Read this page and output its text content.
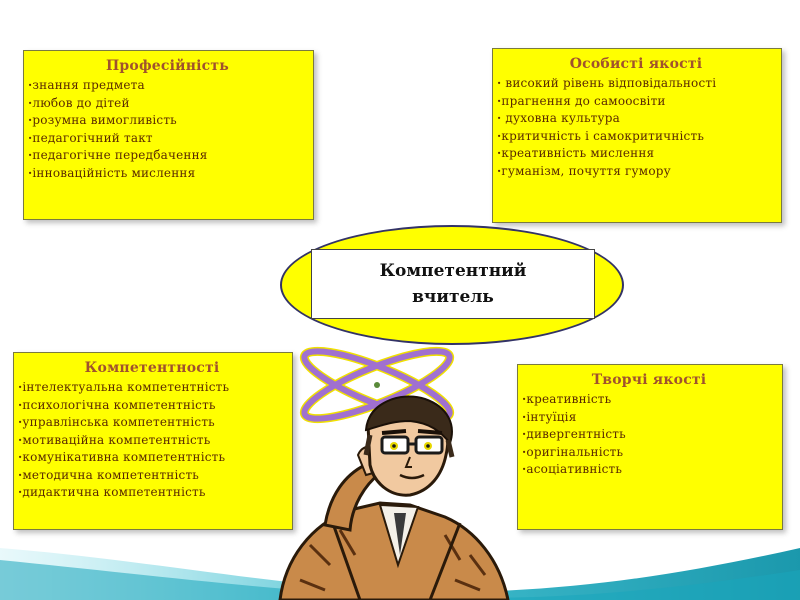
Професійність
·знання предмета
·любов до дітей
·розумна вимогливість
·педагогічний такт
·педагогічне передбачення
·інноваційність мислення
Особисті якості
· високий рівень відповідальності
·прагнення до самоосвіти
· духовна культура
·критичність і самокритичність
·креативність мислення
·гуманізм, почуття гумору
Компетентний
вчитель
Компетентності
·інтелектуальна компетентність
·психологічна компетентність
·управлінська компетентність
·мотиваційна компетентність
·комунікативна компетентність
·методична компетентність
·дидактична компетентність
Творчі якості
·креативність
·інтуїція
·дивергентність
·оригінальність
·асоціативність
